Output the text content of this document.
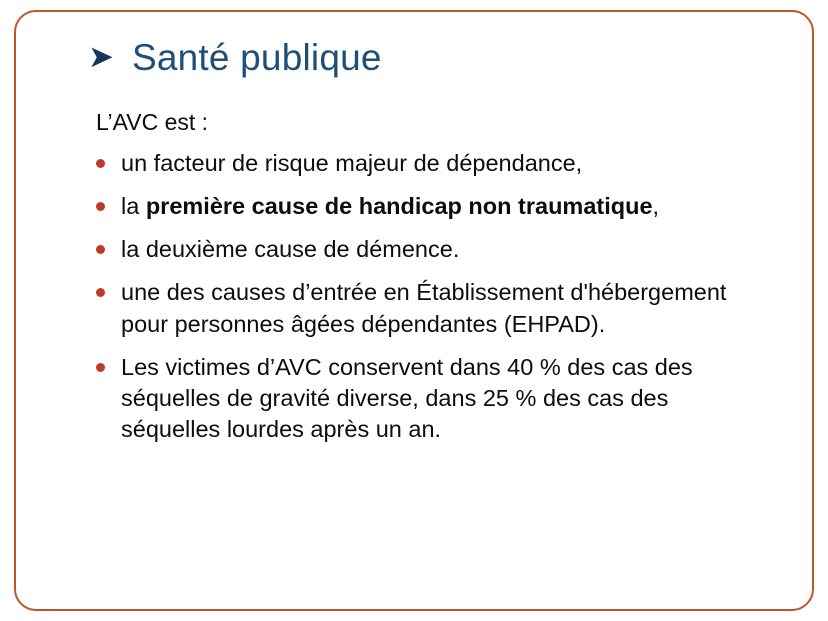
➤ Santé publique

L’AVC est :

un facteur de risque majeur de dépendance,
la première cause de handicap non traumatique,
la deuxième cause de démence.
une des causes d’entrée en Établissement d'hébergement pour personnes âgées dépendantes (EHPAD).
Les victimes d’AVC conservent dans 40 % des cas des séquelles de gravité diverse, dans 25 % des cas des séquelles lourdes après un an.
